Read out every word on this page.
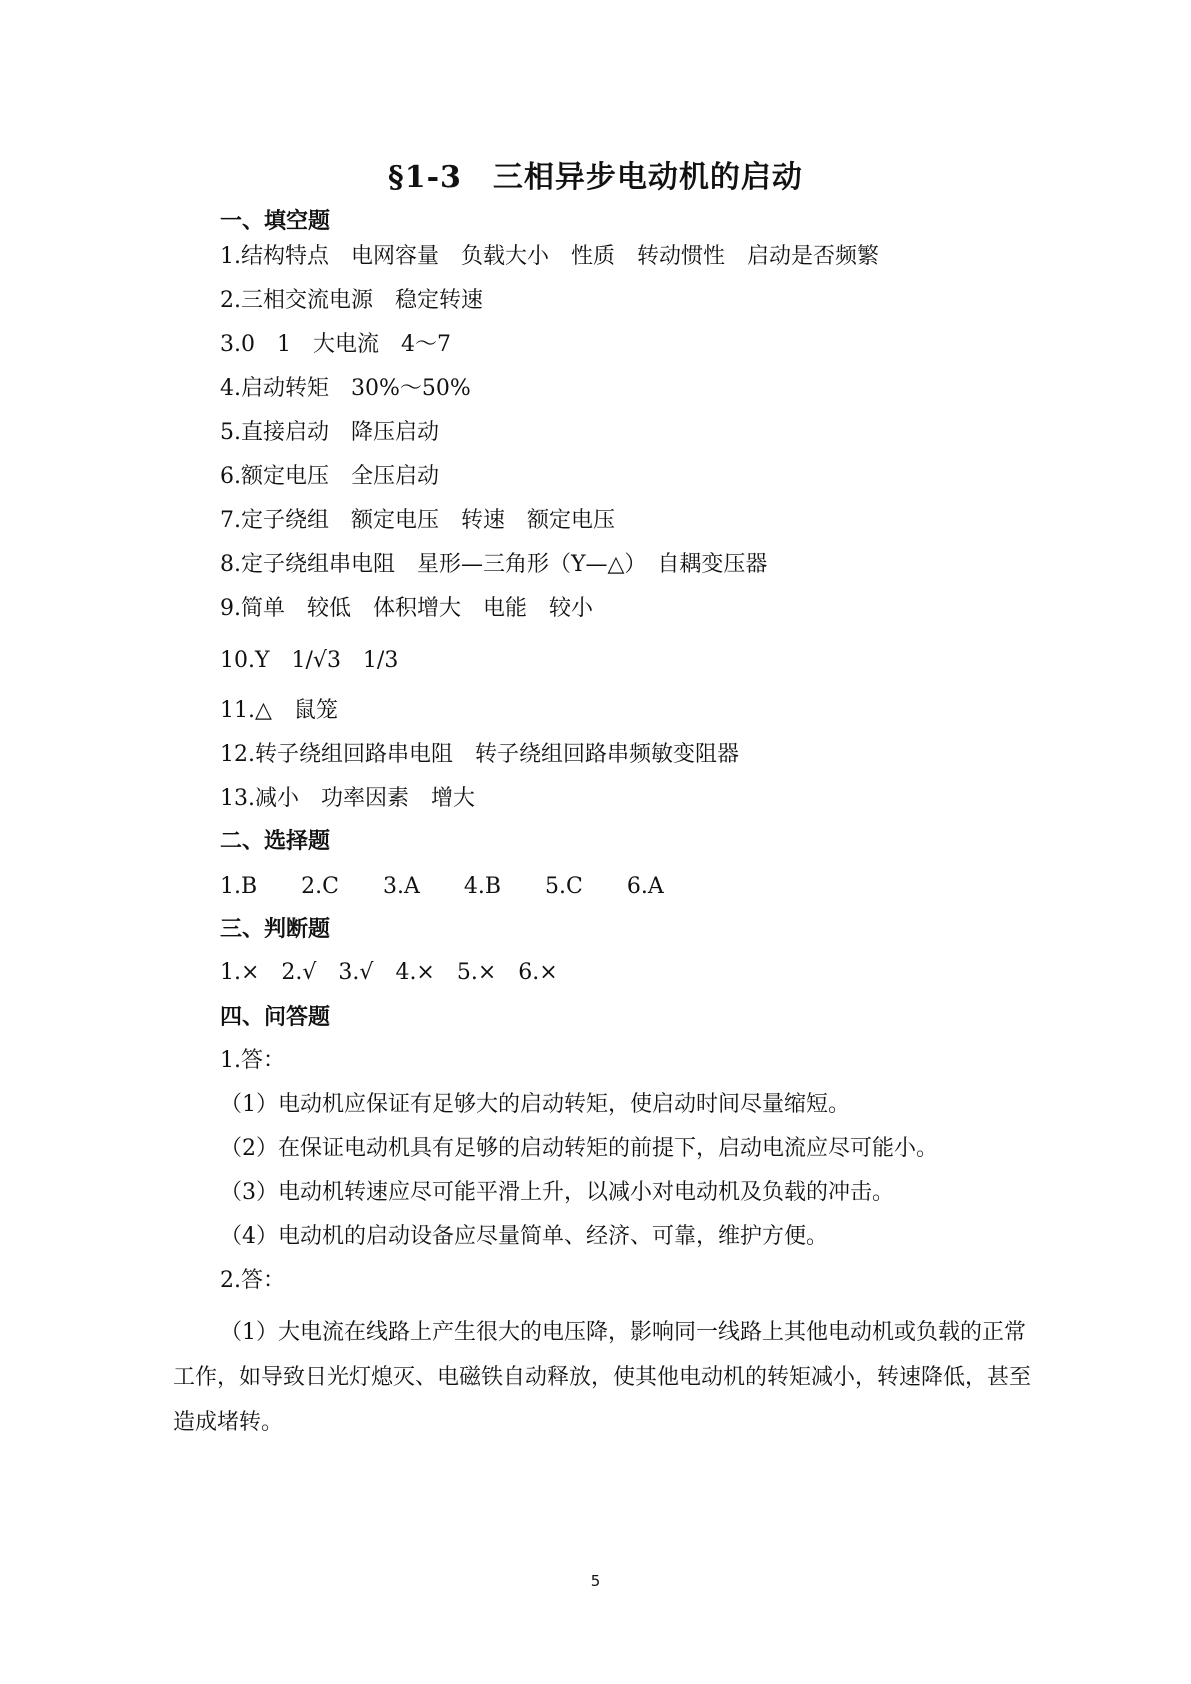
§1-3　三相异步电动机的启动
一、填空题
1.结构特点　电网容量　负载大小　性质　转动惯性　启动是否频繁
2.三相交流电源　稳定转速
3.0　1　大电流　4～7
4.启动转矩　30%～50%
5.直接启动　降压启动
6.额定电压　全压启动
7.定子绕组　额定电压　转速　额定电压
8.定子绕组串电阻　星形—三角形（Y—△）　自耦变压器
9.简单　较低　体积增大　电能　较小
10.Y　1/√3　1/3
11.△　鼠笼
12.转子绕组回路串电阻　转子绕组回路串频敏变阻器
13.减小　功率因素　增大
二、选择题
1.B　　2.C　　3.A　　4.B　　5.C　　6.A
三、判断题
1.×　2.√　3.√　4.×　5.×　6.×
四、问答题
1.答：
（1）电动机应保证有足够大的启动转矩，使启动时间尽量缩短。
（2）在保证电动机具有足够的启动转矩的前提下，启动电流应尽可能小。
（3）电动机转速应尽可能平滑上升，以减小对电动机及负载的冲击。
（4）电动机的启动设备应尽量简单、经济、可靠，维护方便。
2.答：
（1）大电流在线路上产生很大的电压降，影响同一线路上其他电动机或负载的正常工作，如导致日光灯熄灭、电磁铁自动释放，使其他电动机的转矩减小，转速降低，甚至造成堵转。
5
